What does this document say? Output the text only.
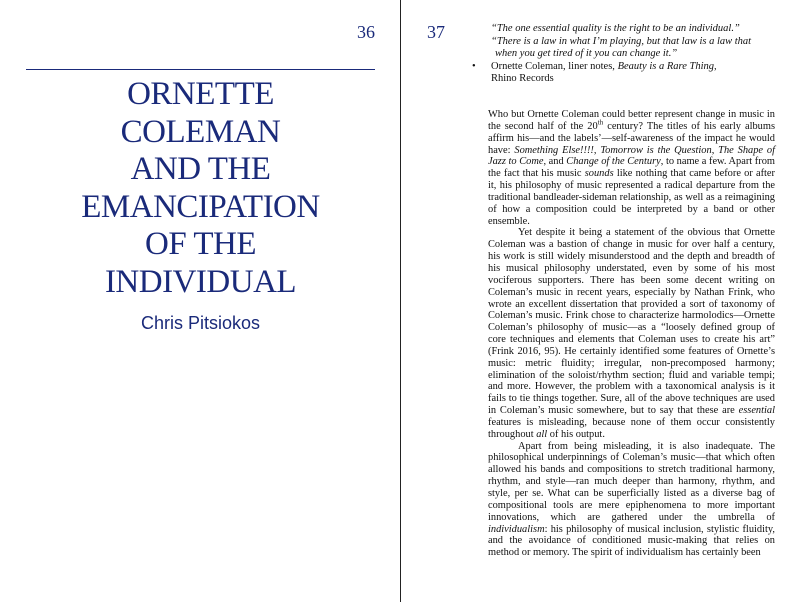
36
ORNETTE
COLEMAN
AND THE
EMANCIPATION
OF THE
INDIVIDUAL
Chris Pitsiokos
37	“The one essential quality is the right to be an individual.”
“There is a law in what I’m playing, but that law is a law that when you get tired of it you can change it.”
• Ornette Coleman, liner notes, Beauty is a Rare Thing,
Rhino Records

Who but Ornette Coleman could better represent change in music in the second half of the 20th century? The titles of his early albums affirm his—and the labels’—self-awareness of the impact he would have: Something Else!!!!, Tomorrow is the Question, The Shape of Jazz to Come, and Change of the Century, to name a few. Apart from the fact that his music sounds like nothing that came before or after it, his philosophy of music represented a radical departure from the traditional bandleader-sideman relationship, as well as a reimagining of how a composition could be interpreted by a band or other ensemble.

Yet despite it being a statement of the obvious that Ornette Coleman was a bastion of change in music for over half a century, his work is still widely misunderstood and the depth and breadth of his musical philosophy understated, even by some of his most vociferous supporters. There has been some decent writing on Coleman’s music in recent years, especially by Nathan Frink, who wrote an excellent dissertation that provided a sort of taxonomy of Coleman’s music. Frink chose to characterize harmolodics—Ornette Coleman’s philosophy of music—as a “loosely defined group of core techniques and elements that Coleman uses to create his art” (Frink 2016, 95). He certainly identified some features of Ornette’s music: metric fluidity; irregular, non-precomposed harmony; elimination of the soloist/rhythm section; fluid and variable tempi; and more. However, the problem with a taxonomical analysis is it fails to tie things together. Sure, all of the above techniques are used in Coleman’s music somewhere, but to say that these are essential features is misleading, because none of them occur consistently throughout all of his output.

Apart from being misleading, it is also inadequate. The philosophical underpinnings of Coleman’s music—that which often allowed his bands and compositions to stretch traditional harmony, rhythm, and style—ran much deeper than harmony, rhythm, and style, per se. What can be superficially listed as a diverse bag of compositional tools are mere epiphenomena to more important innovations, which are gathered under the umbrella of individualism: his philosophy of musical inclusion, stylistic fluidity, and the avoidance of conditioned music-making that relies on method or memory. The spirit of individualism has certainly been
